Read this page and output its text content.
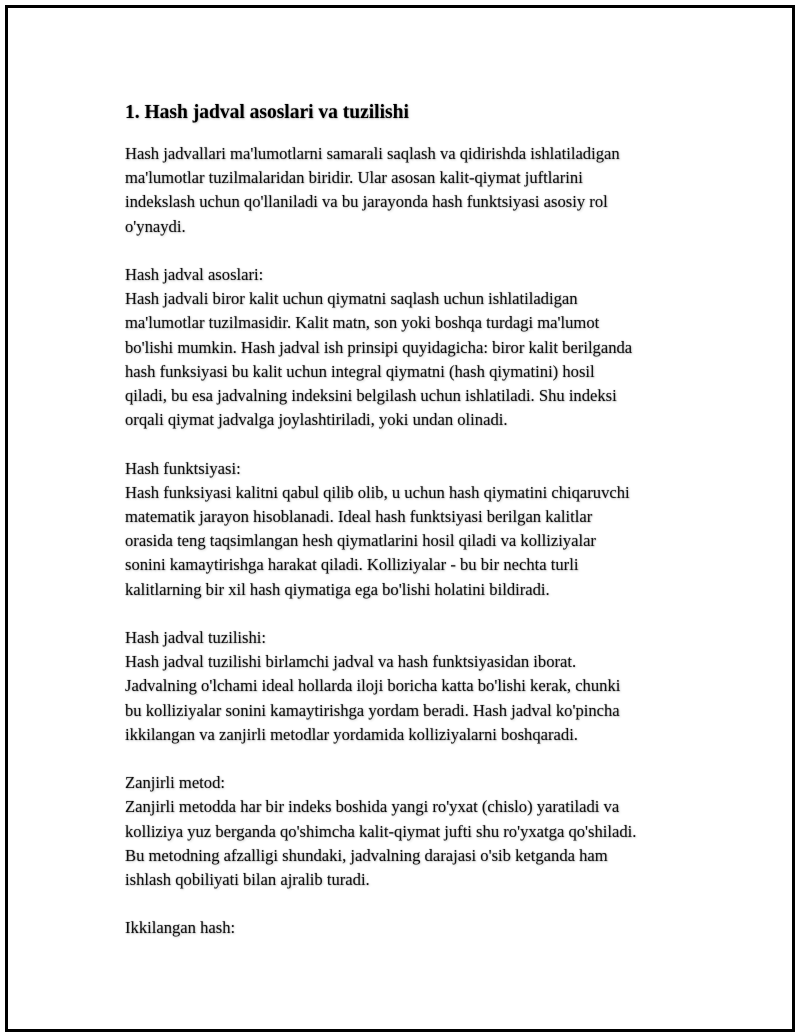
1. Hash jadval asoslari va tuzilishi
Hash jadvallari ma'lumotlarni samarali saqlash va qidirishda ishlatiladigan
ma'lumotlar tuzilmalaridan biridir. Ular asosan kalit-qiymat juftlarini
indekslash uchun qo'llaniladi va bu jarayonda hash funktsiyasi asosiy rol
o'ynaydi.
Hash jadval asoslari:
Hash jadvali biror kalit uchun qiymatni saqlash uchun ishlatiladigan
ma'lumotlar tuzilmasidir. Kalit matn, son yoki boshqa turdagi ma'lumot
bo'lishi mumkin. Hash jadval ish prinsipi quyidagicha: biror kalit berilganda
hash funksiyasi bu kalit uchun integral qiymatni (hash qiymatini) hosil
qiladi, bu esa jadvalning indeksini belgilash uchun ishlatiladi. Shu indeksi
orqali qiymat jadvalga joylashtiriladi, yoki undan olinadi.
Hash funktsiyasi:
Hash funksiyasi kalitni qabul qilib olib, u uchun hash qiymatini chiqaruvchi
matematik jarayon hisoblanadi. Ideal hash funktsiyasi berilgan kalitlar
orasida teng taqsimlangan hesh qiymatlarini hosil qiladi va kolliziyalar
sonini kamaytirishga harakat qiladi. Kolliziyalar - bu bir nechta turli
kalitlarning bir xil hash qiymatiga ega bo'lishi holatini bildiradi.
Hash jadval tuzilishi:
Hash jadval tuzilishi birlamchi jadval va hash funktsiyasidan iborat.
Jadvalning o'lchami ideal hollarda iloji boricha katta bo'lishi kerak, chunki
bu kolliziyalar sonini kamaytirishga yordam beradi. Hash jadval ko'pincha
ikkilangan va zanjirli metodlar yordamida kolliziyalarni boshqaradi.
Zanjirli metod:
Zanjirli metodda har bir indeks boshida yangi ro'yxat (chislo) yaratiladi va
kolliziya yuz berganda qo'shimcha kalit-qiymat jufti shu ro'yxatga qo'shiladi.
Bu metodning afzalligi shundaki, jadvalning darajasi o'sib ketganda ham
ishlash qobiliyati bilan ajralib turadi.
Ikkilangan hash:
